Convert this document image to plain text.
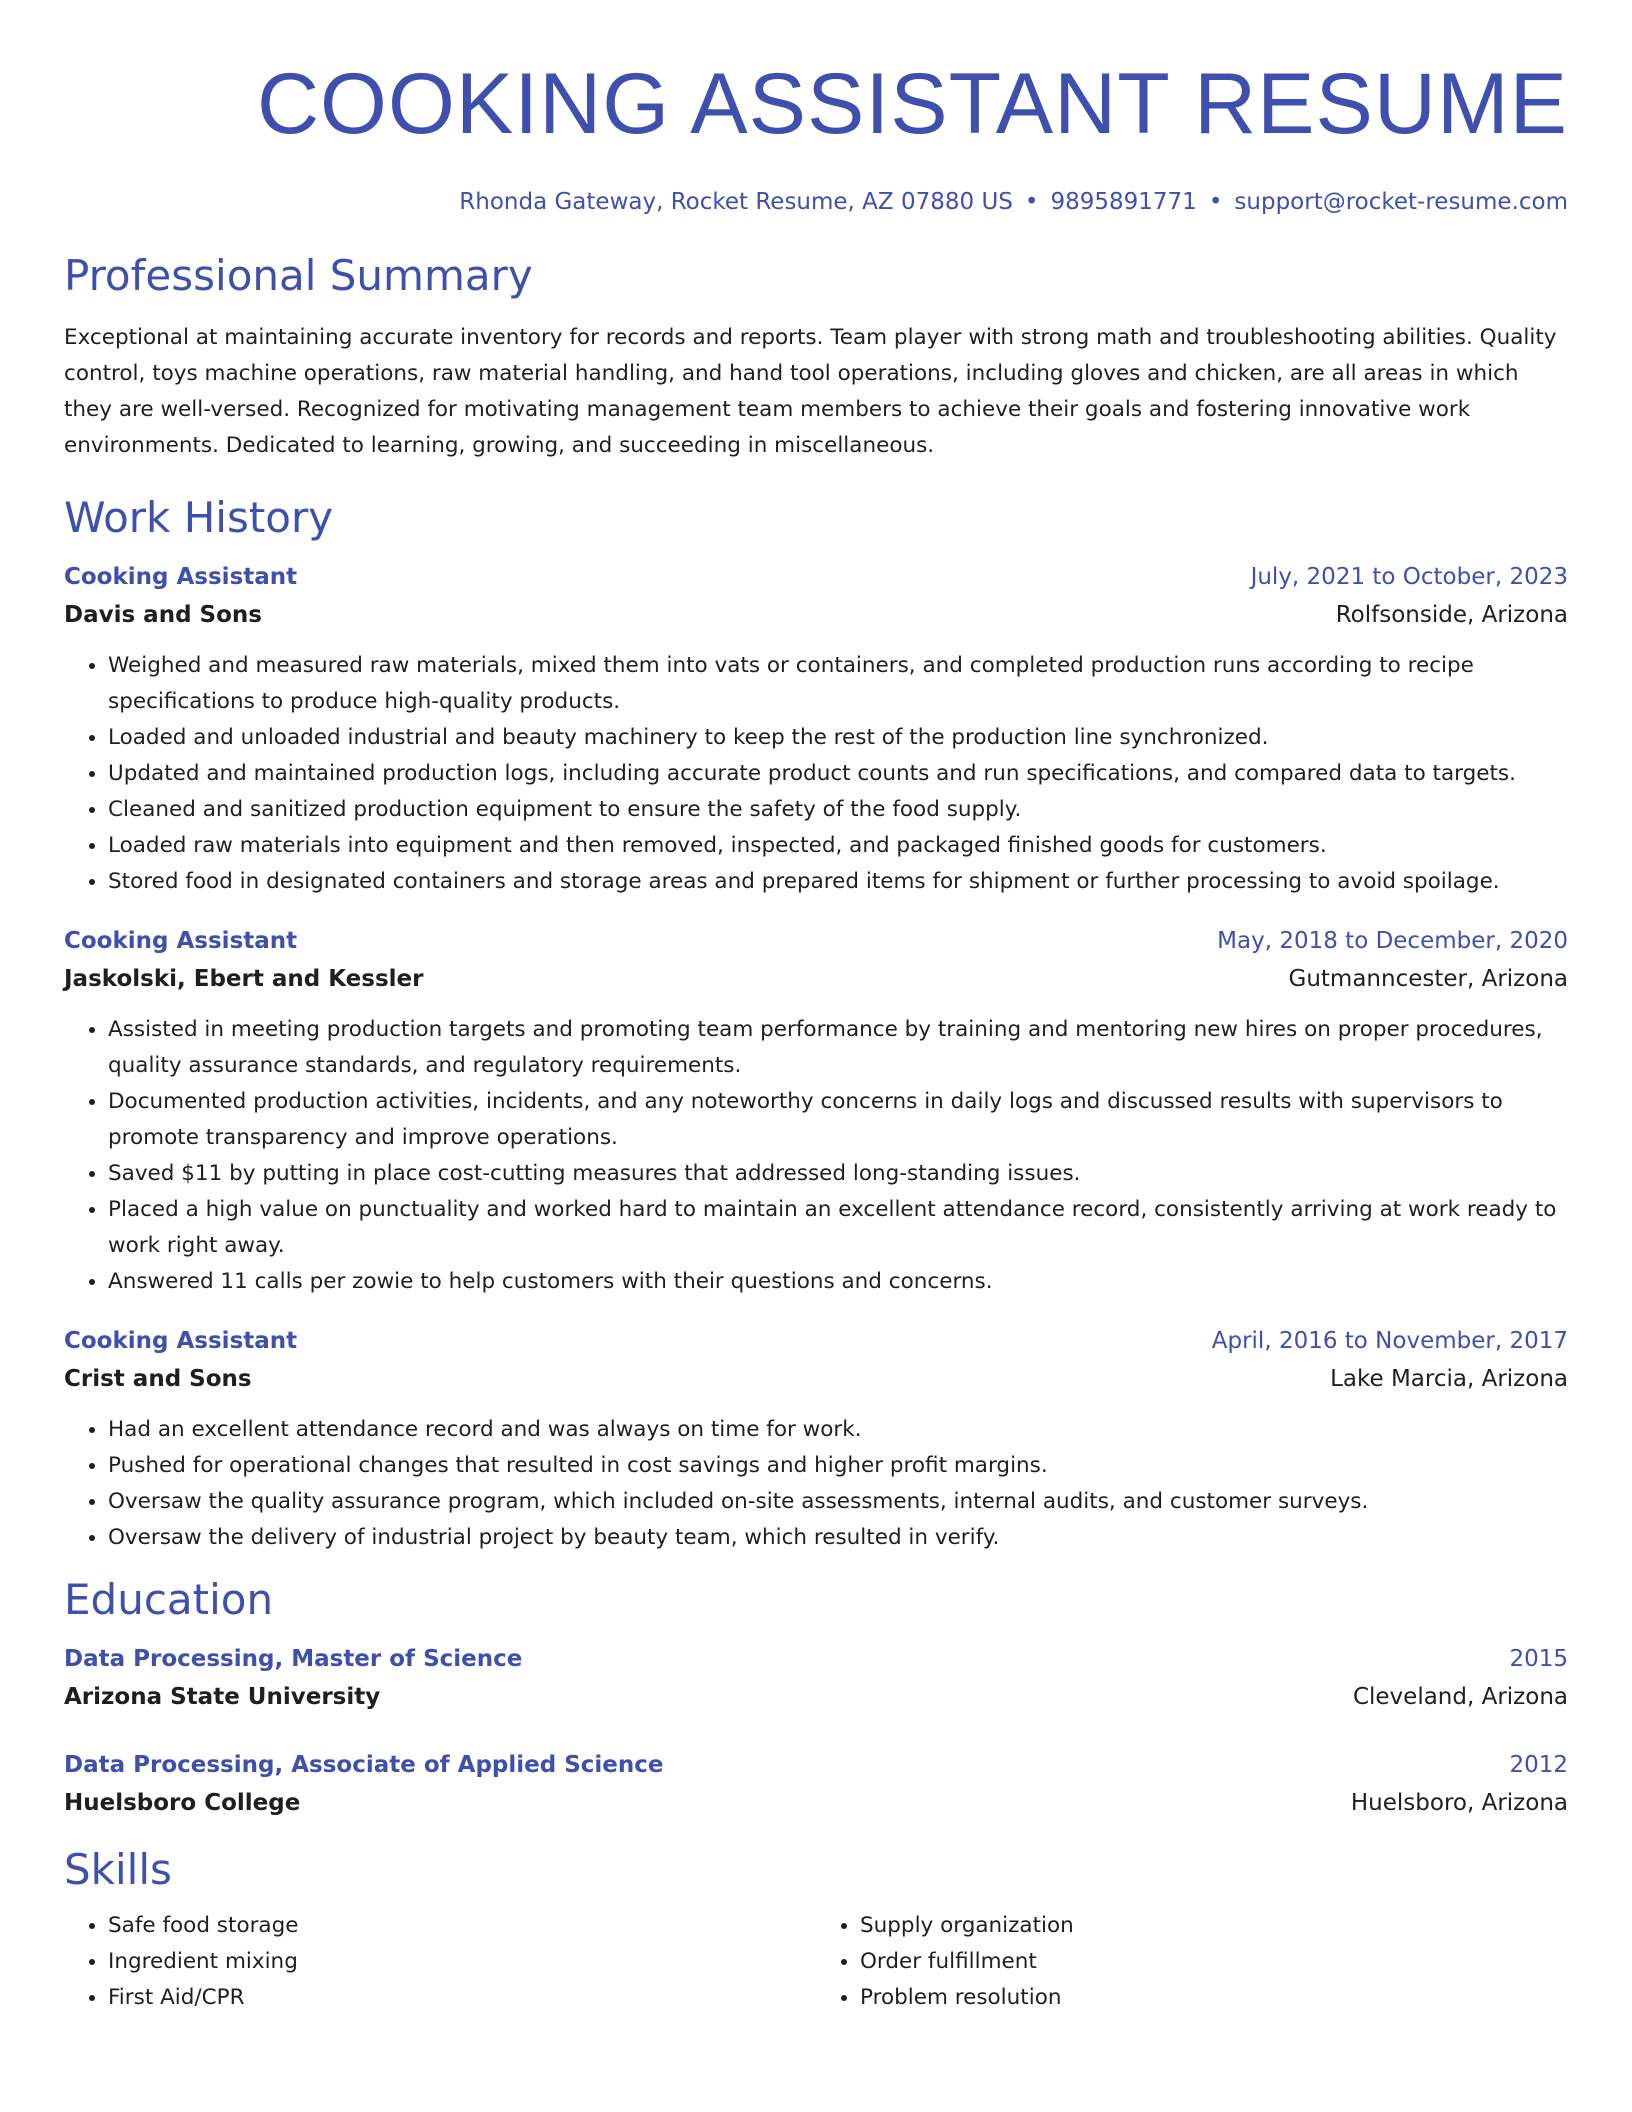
COOKING ASSISTANT RESUME
Rhonda Gateway, Rocket Resume, AZ 07880 US • 9895891771 • support@rocket-resume.com
Professional Summary

Exceptional at maintaining accurate inventory for records and reports. Team player with strong math and troubleshooting abilities. Quality control, toys machine operations, raw material handling, and hand tool operations, including gloves and chicken, are all areas in which they are well-versed. Recognized for motivating management team members to achieve their goals and fostering innovative work environments. Dedicated to learning, growing, and succeeding in miscellaneous.

Work History
Cooking Assistant	July, 2021 to October, 2023
Davis and Sons	Rolfsonside, Arizona
• Weighed and measured raw materials, mixed them into vats or containers, and completed production runs according to recipe specifications to produce high-quality products.
• Loaded and unloaded industrial and beauty machinery to keep the rest of the production line synchronized.
• Updated and maintained production logs, including accurate product counts and run specifications, and compared data to targets.
• Cleaned and sanitized production equipment to ensure the safety of the food supply.
• Loaded raw materials into equipment and then removed, inspected, and packaged finished goods for customers.
• Stored food in designated containers and storage areas and prepared items for shipment or further processing to avoid spoilage.
Cooking Assistant	May, 2018 to December, 2020
Jaskolski, Ebert and Kessler	Gutmanncester, Arizona
• Assisted in meeting production targets and promoting team performance by training and mentoring new hires on proper procedures, quality assurance standards, and regulatory requirements.
• Documented production activities, incidents, and any noteworthy concerns in daily logs and discussed results with supervisors to promote transparency and improve operations.
• Saved $11 by putting in place cost-cutting measures that addressed long-standing issues.
• Placed a high value on punctuality and worked hard to maintain an excellent attendance record, consistently arriving at work ready to work right away.
• Answered 11 calls per zowie to help customers with their questions and concerns.
Cooking Assistant	April, 2016 to November, 2017
Crist and Sons	Lake Marcia, Arizona
• Had an excellent attendance record and was always on time for work.
• Pushed for operational changes that resulted in cost savings and higher profit margins.
• Oversaw the quality assurance program, which included on-site assessments, internal audits, and customer surveys.
• Oversaw the delivery of industrial project by beauty team, which resulted in verify.
Education
Data Processing, Master of Science	2015
Arizona State University	Cleveland, Arizona
Data Processing, Associate of Applied Science	2012
Huelsboro College	Huelsboro, Arizona
Skills
• Safe food storage
• Ingredient mixing
• First Aid/CPR
• Supply organization
• Order fulfillment
• Problem resolution
